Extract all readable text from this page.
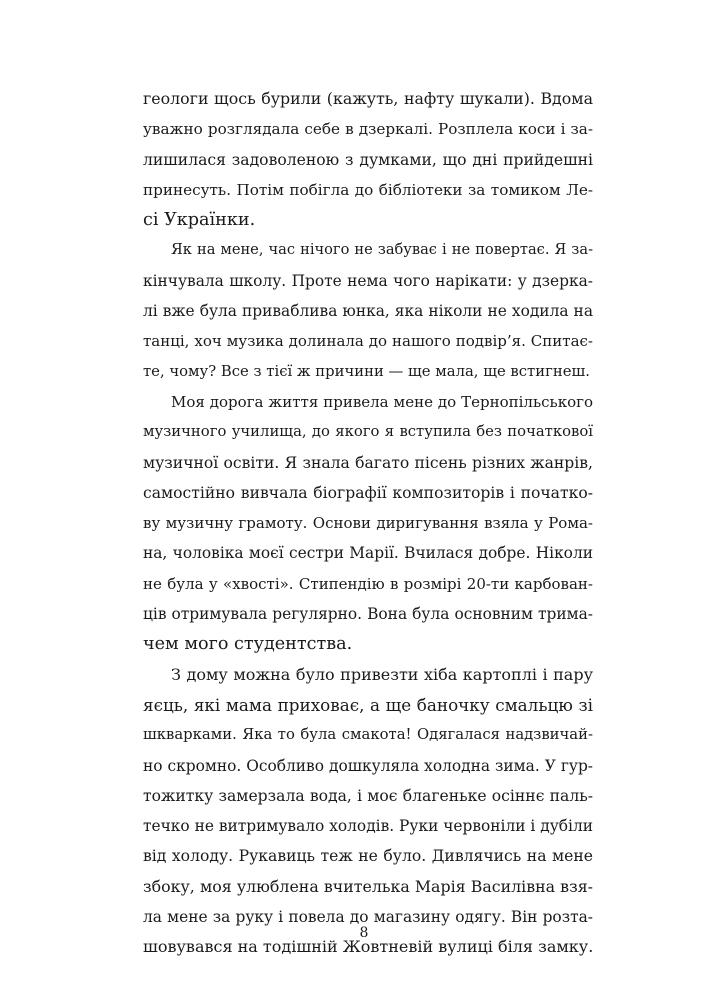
геологи щось бурили (кажуть, нафту шукали). Вдома
уважно розглядала себе в дзеркалі. Розплела коси і за-
лишилася задоволеною з думками, що дні прийдешні
принесуть. Потім побігла до бібліотеки за томиком Ле-
сі Українки.
Як на мене, час нічого не забуває і не повертає. Я за-
кінчувала школу. Проте нема чого нарікати: у дзеркa-
лі вже була приваблива юнка, яка ніколи не ходила на
танці, хоч музика долинала до нашого подвір’я. Спитає-
те, чому? Все з тієї ж причини — ще мала, ще встигнеш.
Моя дорога життя привела мене до Тернопільського
музичного училища, до якого я вступила без початкової
музичної освіти. Я знала багато пісень різних жанрів,
самостійно вивчала біографії композиторів і початко-
ву музичну грамоту. Основи диригування взяла у Рома-
на, чоловіка моєї сестри Марії. Вчилася добре. Ніколи
не була у «хвості». Стипендію в розмірі 20-ти карбован-
ців отримувала регулярно. Вона була основним трима-
чем мого студентства.
З дому можна було привезти хіба картоплі і пару
яєць, які мама приховає, а ще баночку смальцю зі
шкварками. Яка то була смакота! Одягалася надзвичай-
но скромно. Особливо дошкуляла холодна зима. У гур-
тожитку замерзала вода, і моє благеньке осіннє паль-
течко не витримувало холодів. Руки червоніли і дубіли
від холоду. Рукавиць теж не було. Дивлячись на мене
збоку, моя улюблена вчителька Марія Василівна взя-
ла мене за руку і повела до магазину одягу. Він розта-
шовувався на тодішній Жовтневій вулиці біля замку.
8
